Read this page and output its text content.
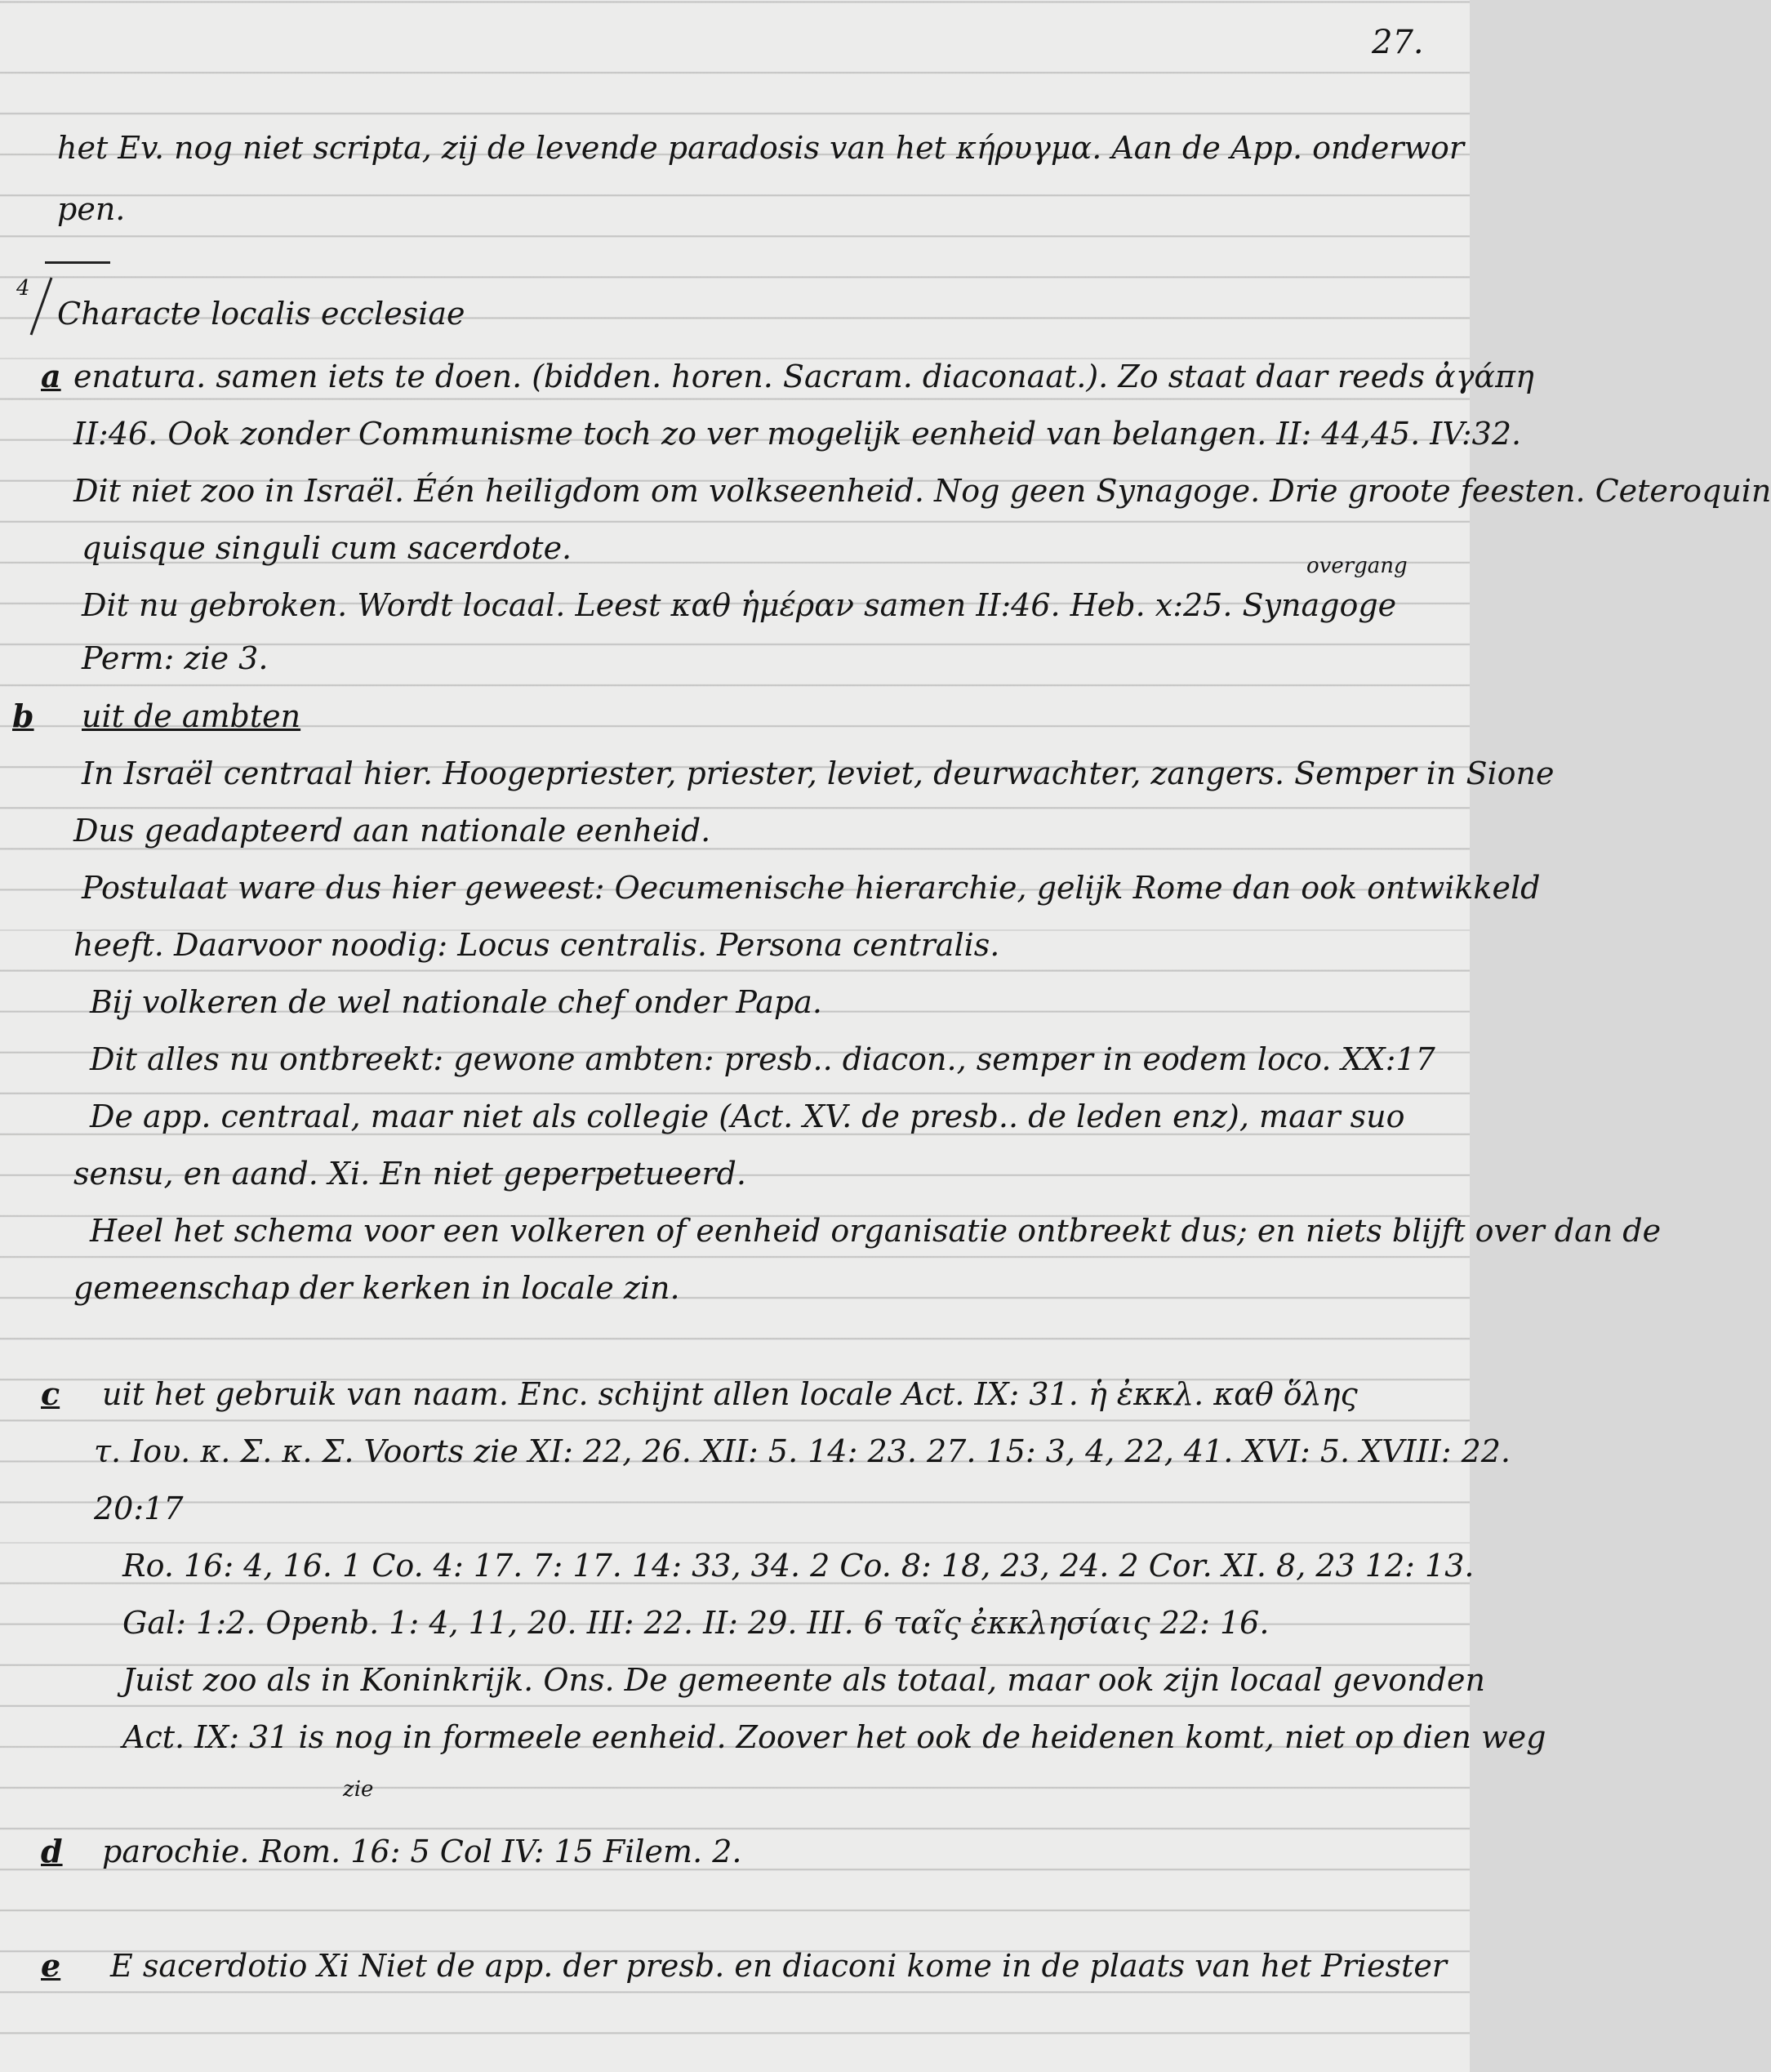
27.
het Ev. nog niet scripta, zij de levende paradosis van het κήρυγμα. Aan de App. onderwor
pen.
4
Characte localis ecclesiae
a enatura. samen iets te doen. (bidden. horen. Sacram. diaconaat.). Zo staat daar reeds ἀγάπη
II:46. Ook zonder Communisme toch zo ver mogelijk eenheid van belangen. II: 44,45. IV:32.
Dit niet zoo in Israël. Één heiligdom om volkseenheid. Nog geen Synagoge. Drie groote feesten. Ceteroquin
quisque singuli cum sacerdote.	overgang
Dit nu gebroken. Wordt locaal. Leest καθ ἡμέραν samen II:46. Heb. x:25. Synagoge
Perm: zie 3.
b uit de ambten
In Israël centraal hier. Hoogepriester, priester, leviet, deurwachter, zangers. Semper in Sione
Dus geadapteerd aan nationale eenheid.
Postulaat ware dus hier geweest: Oecumenische hierarchie, gelijk Rome dan ook ontwikkeld
heeft. Daarvoor noodig: Locus centralis. Persona centralis.
Bij volkeren de wel nationale chef onder Papa.
Dit alles nu ontbreekt: gewone ambten: presb.. diacon., semper in eodem loco. XX:17
De app. centraal, maar niet als collegie (Act. XV. de presb.. de leden enz), maar suo
sensu, en aand. Xi. En niet geperpetueerd.
Heel het schema voor een volkeren of eenheid organisatie ontbreekt dus; en niets blijft over dan de
gemeenschap der kerken in locale zin.
c uit het gebruik van naam. Enc. schijnt allen locale Act. IX: 31. ἡ ἐκκλ. καθ ὅλης
τ. Ιου. κ. Σ. κ. Σ. Voorts zie XI: 22, 26. XII: 5. 14: 23. 27. 15: 3, 4, 22, 41. XVI: 5. XVIII: 22.
20:17
Ro. 16: 4, 16. 1 Co. 4: 17. 7: 17. 14: 33, 34. 2 Co. 8: 18, 23, 24. 2 Cor. XI. 8, 23 12: 13.
Gal: 1:2. Openb. 1: 4, 11, 20. III: 22. II: 29. III. 6 ταῖς ἐκκλησίαις 22: 16.
Juist zoo als in Koninkrijk. Ons. De gemeente als totaal, maar ook zijn locaal gevonden
Act. IX: 31 is nog in formeele eenheid. Zoover het ook de heidenen komt, niet op dien weg
zie
d parochie. Rom. 16: 5 Col IV: 15 Filem. 2.
e E sacerdotio Xi Niet de app. der presb. en diaconi kome in de plaats van het Priester
